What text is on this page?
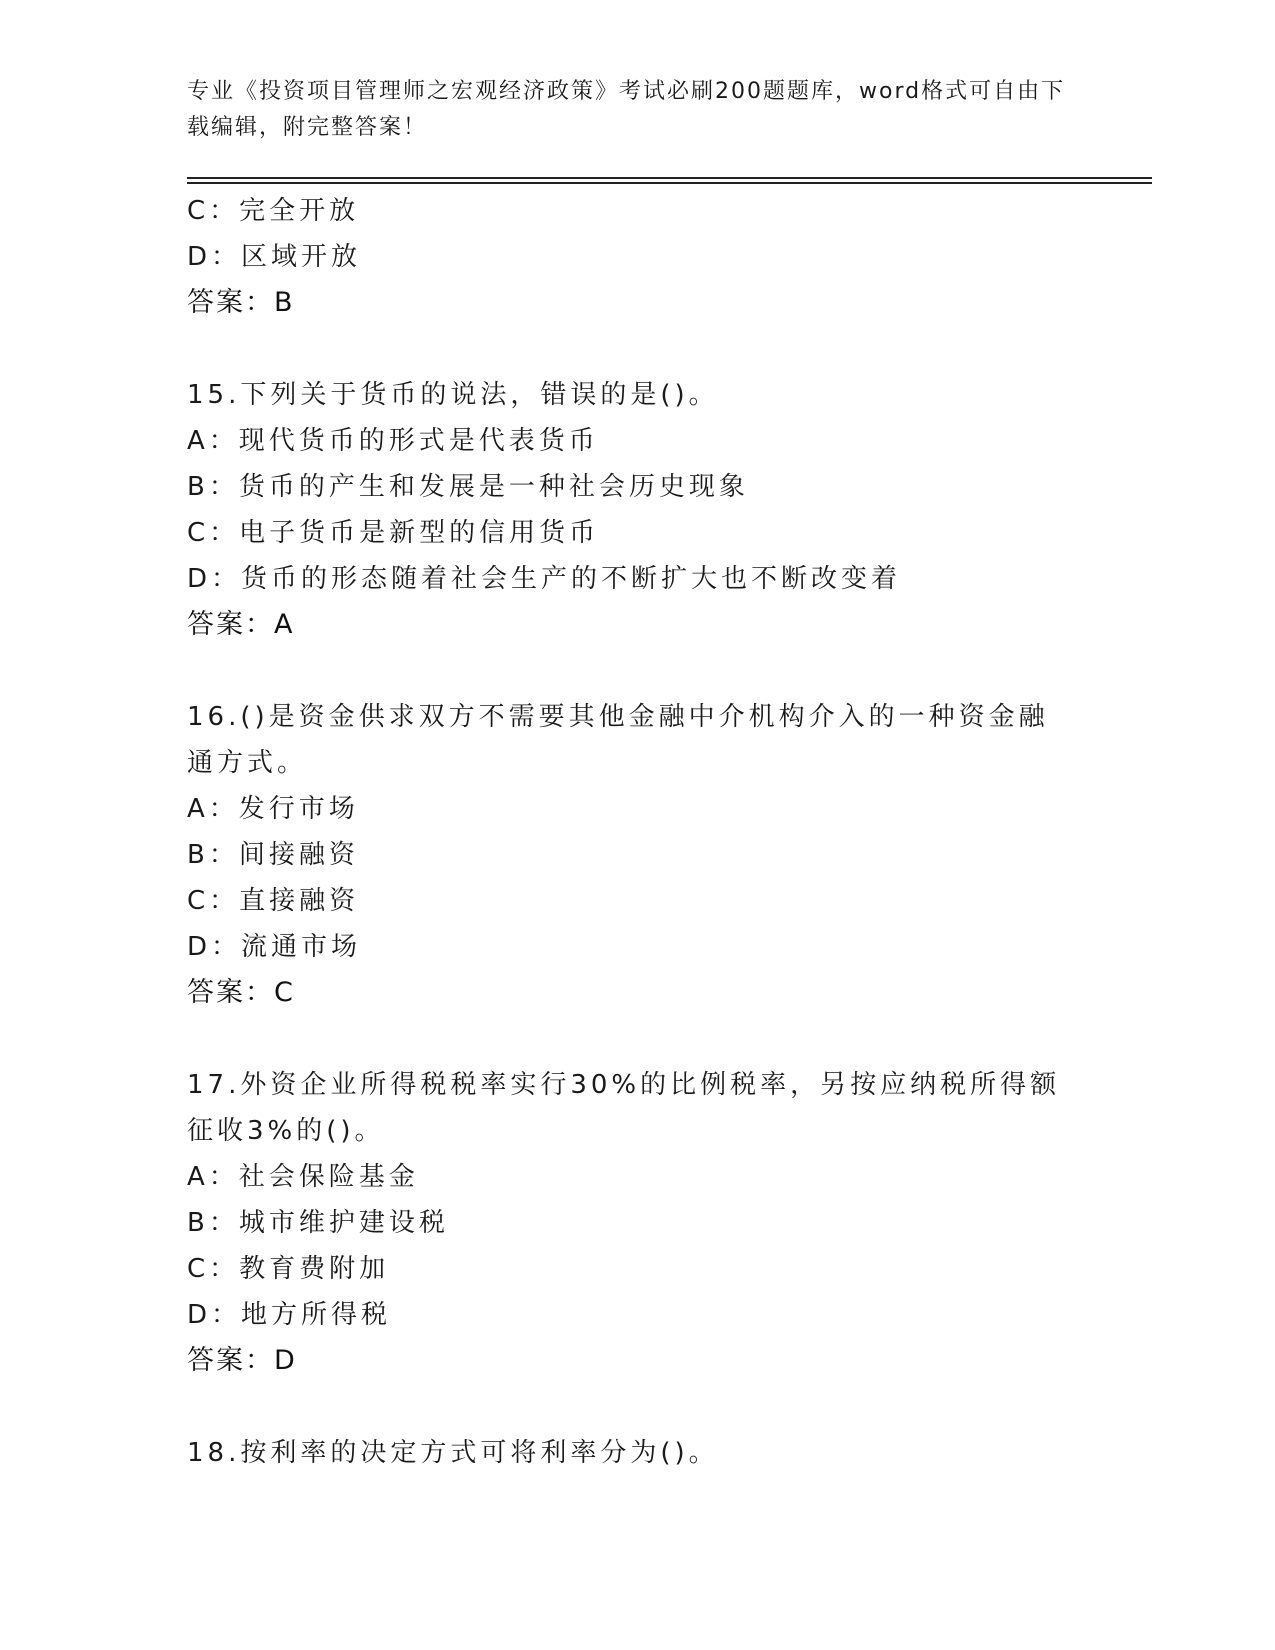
专业《投资项目管理师之宏观经济政策》考试必刷200题题库，word格式可自由下载编辑，附完整答案！
C：完全开放
D：区域开放
答案：B
15.下列关于货币的说法，错误的是()。
A：现代货币的形式是代表货币
B：货币的产生和发展是一种社会历史现象
C：电子货币是新型的信用货币
D：货币的形态随着社会生产的不断扩大也不断改变着
答案：A
16.()是资金供求双方不需要其他金融中介机构介入的一种资金融通方式。
A：发行市场
B：间接融资
C：直接融资
D：流通市场
答案：C
17.外资企业所得税税率实行30%的比例税率，另按应纳税所得额征收3%的()。
A：社会保险基金
B：城市维护建设税
C：教育费附加
D：地方所得税
答案：D
18.按利率的决定方式可将利率分为()。
